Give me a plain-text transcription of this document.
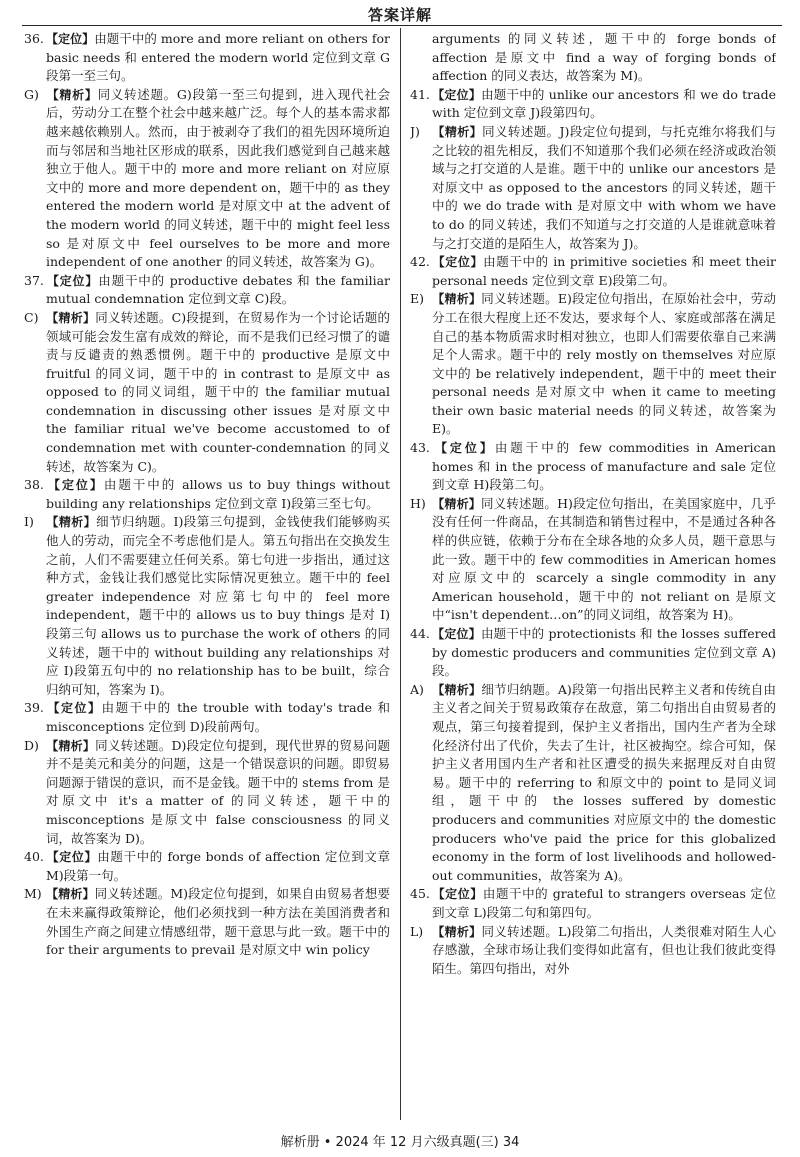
答案详解

36. 【定位】由题干中的 more and more reliant on others for basic needs 和 entered the modern world 定位到文章 G 段第一至三句。

G) 【精析】同义转述题。G)段第一至三句提到，进入现代社会后，劳动分工在整个社会中越来越广泛。每个人的基本需求都越来越依赖别人。然而，由于被剥夺了我们的祖先因环境所迫而与邻居和当地社区形成的联系，因此我们感觉到自己越来越独立于他人。题干中的 more and more reliant on 对应原文中的 more and more dependent on，题干中的 as they entered the modern world 是对原文中 at the advent of the modern world 的同义转述，题干中的 might feel less so 是对原文中 feel ourselves to be more and more independent of one another 的同义转述，故答案为 G)。

37. 【定位】由题干中的 productive debates 和 the familiar mutual condemnation 定位到文章 C)段。

C) 【精析】同义转述题。C)段提到，在贸易作为一个讨论话题的领域可能会发生富有成效的辩论，而不是我们已经习惯了的谴责与反谴责的熟悉惯例。题干中的 productive 是原文中 fruitful 的同义词，题干中的 in contrast to 是原文中 as opposed to 的同义词组，题干中的 the familiar mutual condemnation in discussing other issues 是对原文中 the familiar ritual we've become accustomed to of condemnation met with counter-condemnation 的同义转述，故答案为 C)。

38. 【定位】由题干中的 allows us to buy things without building any relationships 定位到文章 I)段第三至七句。

I) 【精析】细节归纳题。I)段第三句提到，金钱使我们能够购买他人的劳动，而完全不考虑他们是人。第五句指出在交换发生之前，人们不需要建立任何关系。第七句进一步指出，通过这种方式，金钱让我们感觉比实际情况更独立。题干中的 feel greater independence 对应第七句中的 feel more independent，题干中的 allows us to buy things 是对 I)段第三句 allows us to purchase the work of others 的同义转述，题干中的 without building any relationships 对应 I)段第五句中的 no relationship has to be built，综合归纳可知，答案为 I)。

39. 【定位】由题干中的 the trouble with today's trade 和 misconceptions 定位到 D)段前两句。

D) 【精析】同义转述题。D)段定位句提到，现代世界的贸易问题并不是美元和美分的问题，这是一个错误意识的问题。即贸易问题源于错误的意识，而不是金钱。题干中的 stems from 是对原文中 it's a matter of 的同义转述，题干中的 misconceptions 是原文中 false consciousness 的同义词，故答案为 D)。

40. 【定位】由题干中的 forge bonds of affection 定位到文章 M)段第一句。

M) 【精析】同义转述题。M)段定位句提到，如果自由贸易者想要在未来赢得政策辩论，他们必须找到一种方法在美国消费者和外国生产商之间建立情感纽带，题干意思与此一致。题干中的 for their arguments to prevail 是对原文中 win policy

arguments 的同义转述，题干中的 forge bonds of affection 是原文中 find a way of forging bonds of affection 的同义表达，故答案为 M)。

41. 【定位】由题干中的 unlike our ancestors 和 we do trade with 定位到文章 J)段第四句。

J) 【精析】同义转述题。J)段定位句提到，与托克维尔将我们与之比较的祖先相反，我们不知道那个我们必须在经济或政治领域与之打交道的人是谁。题干中的 unlike our ancestors 是对原文中 as opposed to the ancestors 的同义转述，题干中的 we do trade with 是对原文中 with whom we have to do 的同义转述，我们不知道与之打交道的人是谁就意味着与之打交道的是陌生人，故答案为 J)。

42. 【定位】由题干中的 in primitive societies 和 meet their personal needs 定位到文章 E)段第二句。

E) 【精析】同义转述题。E)段定位句指出，在原始社会中，劳动分工在很大程度上还不发达，要求每个人、家庭或部落在满足自己的基本物质需求时相对独立，也即人们需要依靠自己来满足个人需求。题干中的 rely mostly on themselves 对应原文中的 be relatively independent，题干中的 meet their personal needs 是对原文中 when it came to meeting their own basic material needs 的同义转述，故答案为 E)。

43. 【定位】由题干中的 few commodities in American homes 和 in the process of manufacture and sale 定位到文章 H)段第二句。

H) 【精析】同义转述题。H)段定位句指出，在美国家庭中，几乎没有任何一件商品，在其制造和销售过程中，不是通过各种各样的供应链，依赖于分布在全球各地的众多人员，题干意思与此一致。题干中的 few commodities in American homes 对应原文中的 scarcely a single commodity in any American household，题干中的 not reliant on 是原文中“isn't dependent…on”的同义词组，故答案为 H)。

44. 【定位】由题干中的 protectionists 和 the losses suffered by domestic producers and communities 定位到文章 A)段。

A) 【精析】细节归纳题。A)段第一句指出民粹主义者和传统自由主义者之间关于贸易政策存在敌意，第二句指出自由贸易者的观点，第三句接着提到，保护主义者指出，国内生产者为全球化经济付出了代价，失去了生计，社区被掏空。综合可知，保护主义者用国内生产者和社区遭受的损失来据理反对自由贸易。题干中的 referring to 和原文中的 point to 是同义词组，题干中的 the losses suffered by domestic producers and communities 对应原文中的 the domestic producers who've paid the price for this globalized economy in the form of lost livelihoods and hollowed-out communities，故答案为 A)。

45. 【定位】由题干中的 grateful to strangers overseas 定位到文章 L)段第二句和第四句。

L) 【精析】同义转述题。L)段第二句指出，人类很难对陌生人心存感激，全球市场让我们变得如此富有，但也让我们彼此变得陌生。第四句指出，对外

解析册 • 2024 年 12 月六级真题(三) 34
